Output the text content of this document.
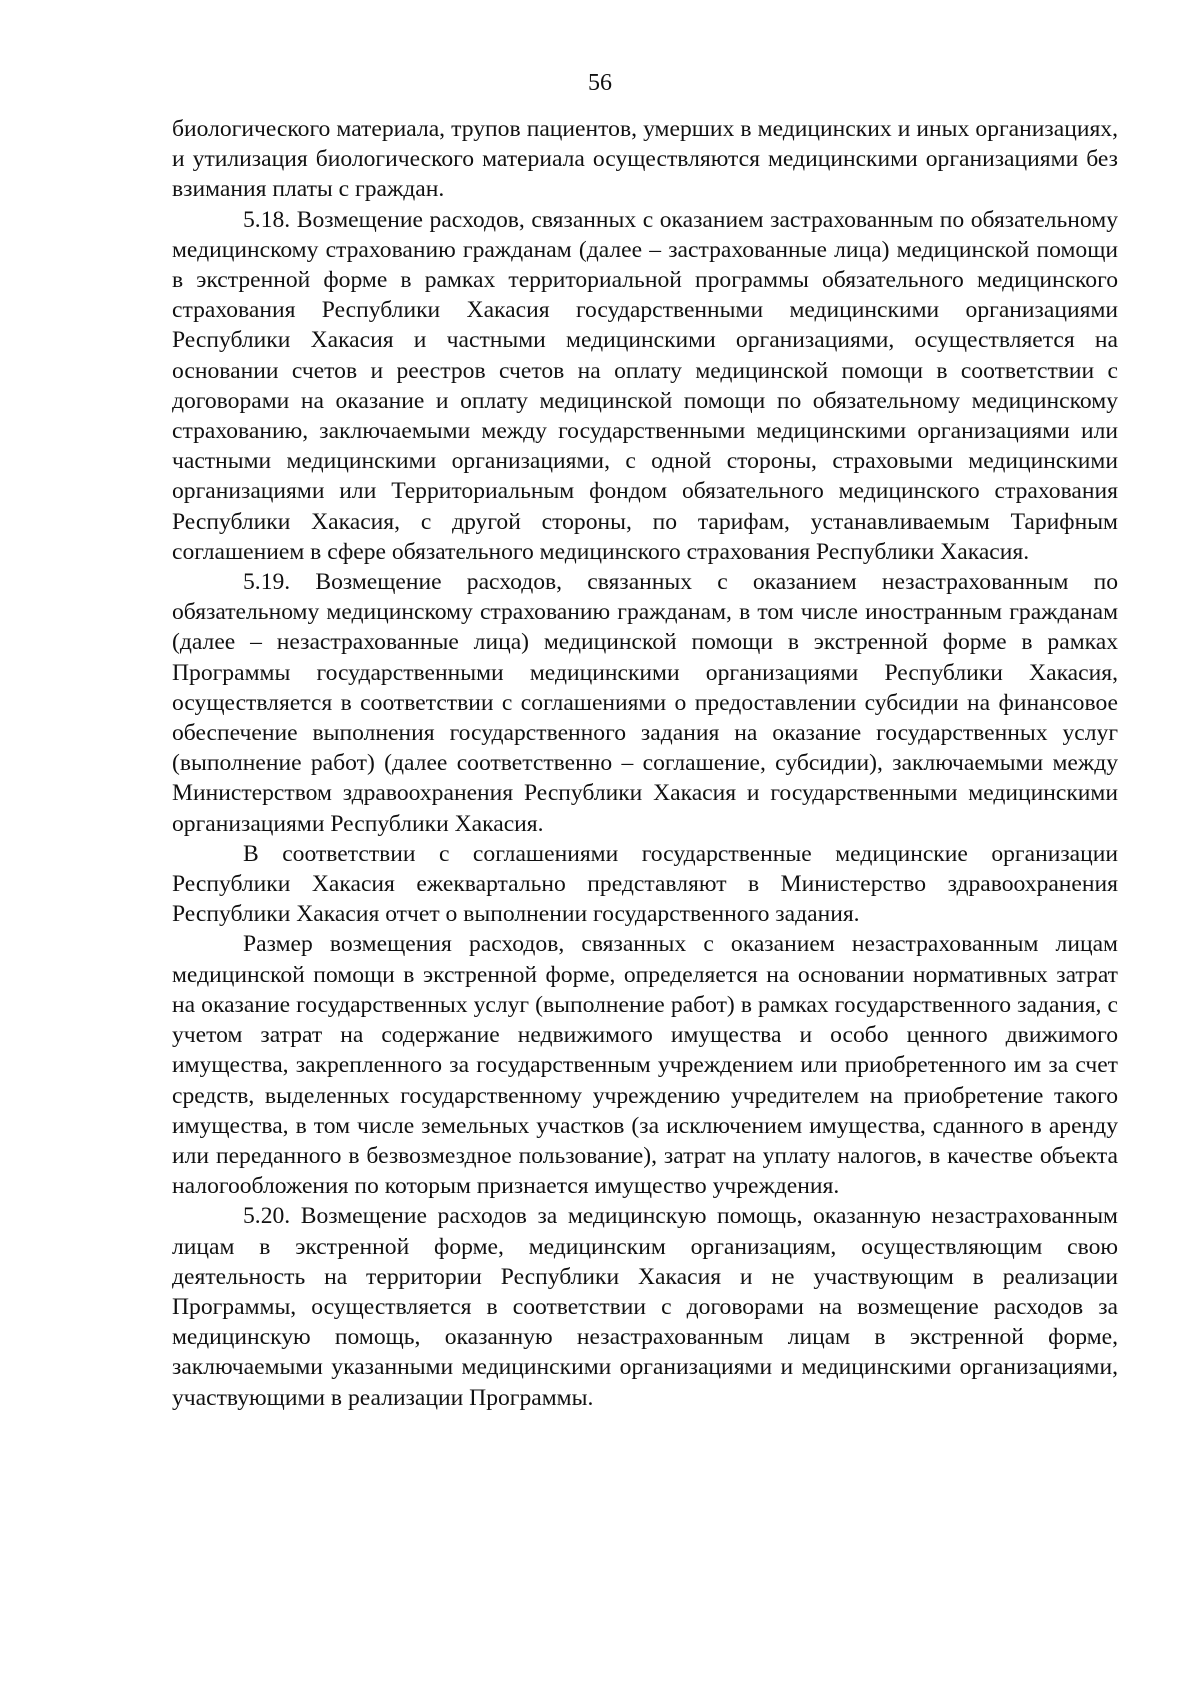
56

биологического материала, трупов пациентов, умерших в медицинских и иных организациях, и утилизация биологического материала осуществляются медицинскими организациями без взимания платы с граждан.

5.18. Возмещение расходов, связанных с оказанием застрахованным по обязательному медицинскому страхованию гражданам (далее – застрахованные лица) медицинской помощи в экстренной форме в рамках территориальной программы обязательного медицинского страхования Республики Хакасия государственными медицинскими организациями Республики Хакасия и частными медицинскими организациями, осуществляется на основании счетов и реестров счетов на оплату медицинской помощи в соответствии с договорами на оказание и оплату медицинской помощи по обязательному медицинскому страхованию, заключаемыми между государственными медицинскими организациями или частными медицинскими организациями, с одной стороны, страховыми медицинскими организациями или Территориальным фондом обязательного медицинского страхования Республики Хакасия, с другой стороны, по тарифам, устанавливаемым Тарифным соглашением в сфере обязательного медицинского страхования Республики Хакасия.

5.19. Возмещение расходов, связанных с оказанием незастрахованным по обязательному медицинскому страхованию гражданам, в том числе иностранным гражданам (далее – незастрахованные лица) медицинской помощи в экстренной форме в рамках Программы государственными медицинскими организациями Республики Хакасия, осуществляется в соответствии с соглашениями о предоставлении субсидии на финансовое обеспечение выполнения государственного задания на оказание государственных услуг (выполнение работ) (далее соответственно – соглашение, субсидии), заключаемыми между Министерством здравоохранения Республики Хакасия и государственными медицинскими организациями Республики Хакасия.

В соответствии с соглашениями государственные медицинские организации Республики Хакасия ежеквартально представляют в Министерство здравоохранения Республики Хакасия отчет о выполнении государственного задания.

Размер возмещения расходов, связанных с оказанием незастрахованным лицам медицинской помощи в экстренной форме, определяется на основании нормативных затрат на оказание государственных услуг (выполнение работ) в рамках государственного задания, с учетом затрат на содержание недвижимого имущества и особо ценного движимого имущества, закрепленного за государственным учреждением или приобретенного им за счет средств, выделенных государственному учреждению учредителем на приобретение такого имущества, в том числе земельных участков (за исключением имущества, сданного в аренду или переданного в безвозмездное пользование), затрат на уплату налогов, в качестве объекта налогообложения по которым признается имущество учреждения.

5.20. Возмещение расходов за медицинскую помощь, оказанную незастрахованным лицам в экстренной форме, медицинским организациям, осуществляющим свою деятельность на территории Республики Хакасия и не участвующим в реализации Программы, осуществляется в соответствии с договорами на возмещение расходов за медицинскую помощь, оказанную незастрахованным лицам в экстренной форме, заключаемыми указанными медицинскими организациями и медицинскими организациями, участвующими в реализации Программы.
